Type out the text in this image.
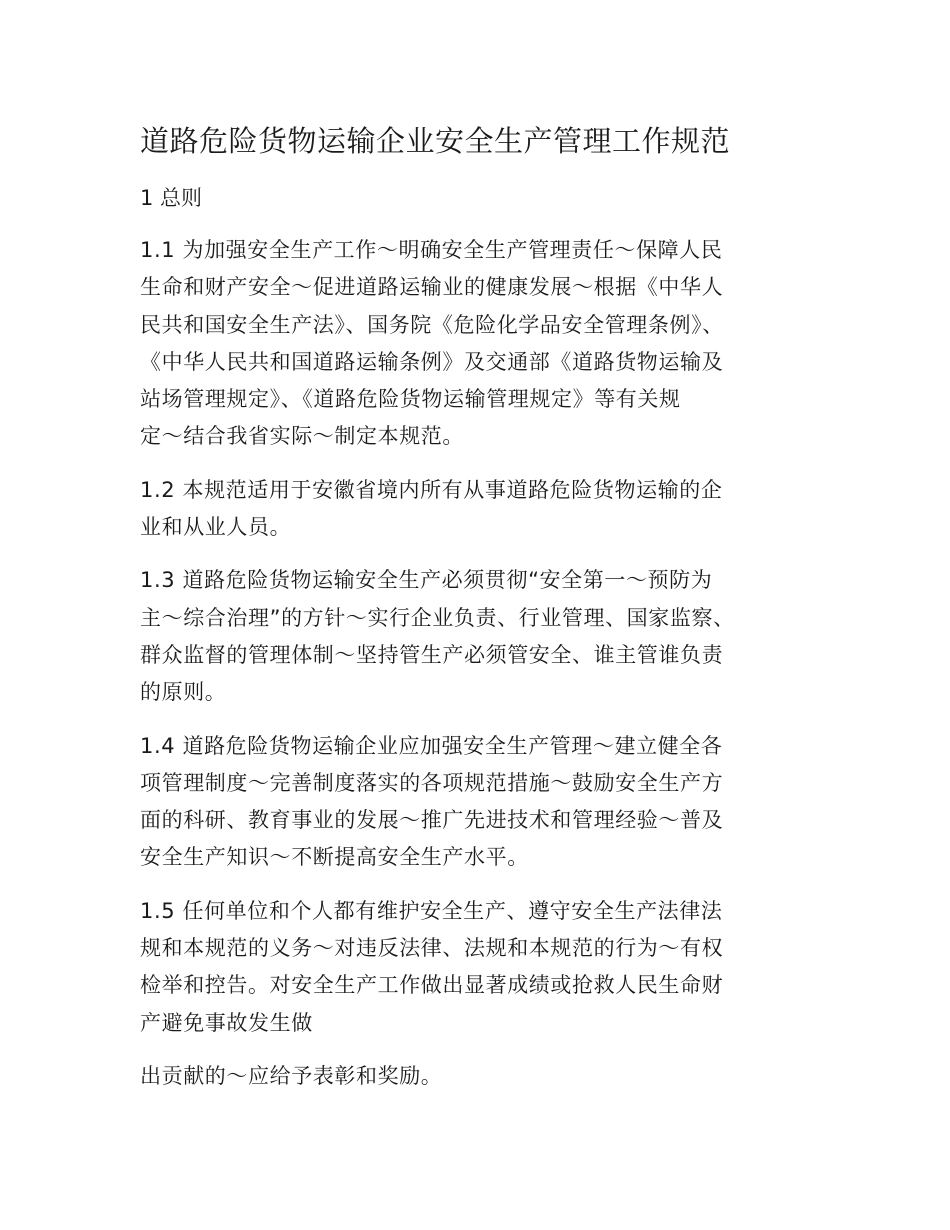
道路危险货物运输企业安全生产管理工作规范
1 总则
1.1 为加强安全生产工作～明确安全生产管理责任～保障人民
生命和财产安全～促进道路运输业的健康发展～根据《中华人
民共和国安全生产法》、国务院《危险化学品安全管理条例》、
《中华人民共和国道路运输条例》及交通部《道路货物运输及
站场管理规定》、《道路危险货物运输管理规定》等有关规
定～结合我省实际～制定本规范。
1.2 本规范适用于安徽省境内所有从事道路危险货物运输的企
业和从业人员。
1.3 道路危险货物运输安全生产必须贯彻“安全第一～预防为
主～综合治理”的方针～实行企业负责、行业管理、国家监察、
群众监督的管理体制～坚持管生产必须管安全、谁主管谁负责
的原则。
1.4 道路危险货物运输企业应加强安全生产管理～建立健全各
项管理制度～完善制度落实的各项规范措施～鼓励安全生产方
面的科研、教育事业的发展～推广先进技术和管理经验～普及
安全生产知识～不断提高安全生产水平。
1.5 任何单位和个人都有维护安全生产、遵守安全生产法律法
规和本规范的义务～对违反法律、法规和本规范的行为～有权
检举和控告。对安全生产工作做出显著成绩或抢救人民生命财
产避免事故发生做
出贡献的～应给予表彰和奖励。
